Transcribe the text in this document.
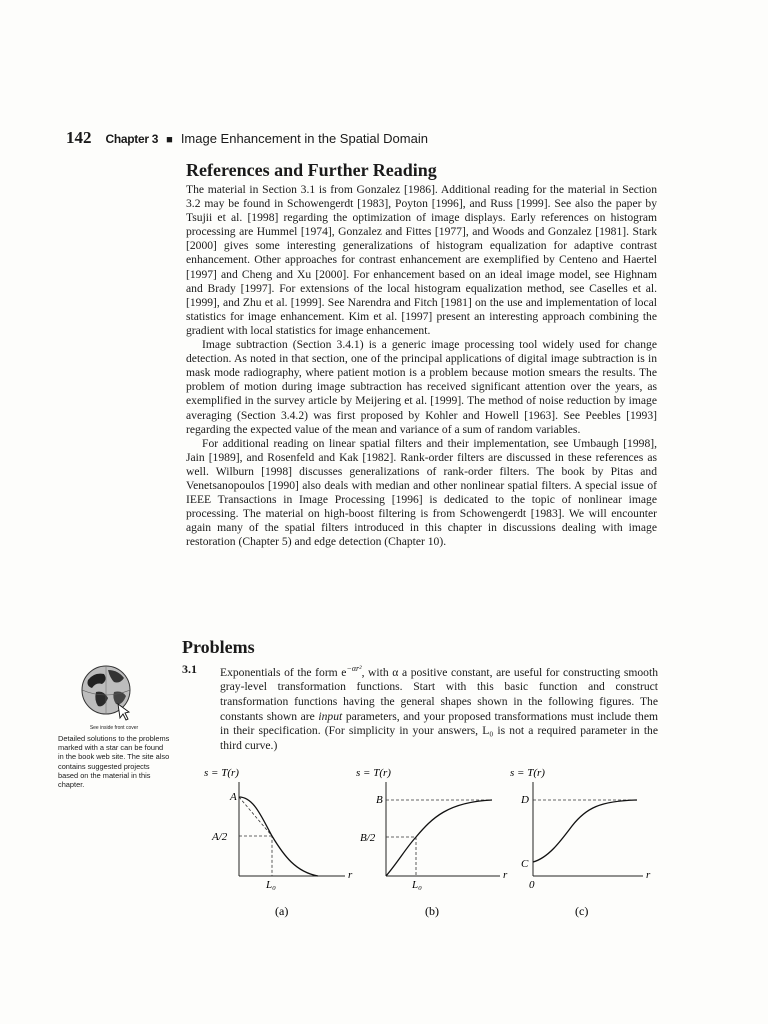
142 Chapter 3 ■ Image Enhancement in the Spatial Domain
References and Further Reading

The material in Section 3.1 is from Gonzalez [1986]. Additional reading for the material in Section 3.2 may be found in Schowengerdt [1983], Poyton [1996], and Russ [1999]. See also the paper by Tsujii et al. [1998] regarding the optimization of image displays. Early references on histogram processing are Hummel [1974], Gonzalez and Fittes [1977], and Woods and Gonzalez [1981]. Stark [2000] gives some interesting generalizations of histogram equalization for adaptive contrast enhancement. Other approaches for contrast enhancement are exemplified by Centeno and Haertel [1997] and Cheng and Xu [2000]. For enhancement based on an ideal image model, see Highnam and Brady [1997]. For extensions of the local histogram equalization method, see Caselles et al. [1999], and Zhu et al. [1999]. See Narendra and Fitch [1981] on the use and implementation of local statistics for image enhancement. Kim et al. [1997] present an interesting approach combining the gradient with local statistics for image enhancement.

Image subtraction (Section 3.4.1) is a generic image processing tool widely used for change detection. As noted in that section, one of the principal applications of digital image subtraction is in mask mode radiography, where patient motion is a problem because motion smears the results. The problem of motion during image subtraction has received significant attention over the years, as exemplified in the survey article by Meijering et al. [1999]. The method of noise reduction by image averaging (Section 3.4.2) was first proposed by Kohler and Howell [1963]. See Peebles [1993] regarding the expected value of the mean and variance of a sum of random variables.

For additional reading on linear spatial filters and their implementation, see Umbaugh [1998], Jain [1989], and Rosenfeld and Kak [1982]. Rank-order filters are discussed in these references as well. Wilburn [1998] discusses generalizations of rank-order filters. The book by Pitas and Venetsanopoulos [1990] also deals with median and other nonlinear spatial filters. A special issue of IEEE Transactions in Image Processing [1996] is dedicated to the topic of nonlinear image processing. The material on high-boost filtering is from Schowengerdt [1983]. We will encounter again many of the spatial filters introduced in this chapter in discussions dealing with image restoration (Chapter 5) and edge detection (Chapter 10).

Problems
3.1 Exponentials of the form $e^{-\alpha r^2}$, with α a positive constant, are useful for constructing smooth gray-level transformation functions. Start with this basic function and construct transformation functions having the general shapes shown in the following figures. The constants shown are input parameters, and your proposed transformations must include them in their specification. (For simplicity in your answers, L₀ is not a required parameter in the third curve.)
See inside front cover
Detailed solutions to the problems marked with a star can be found in the book web site. The site also contains suggested projects based on the material in this chapter.
s = T(r)
r
A
A/2
L₀
(a)
s = T(r)
r
B
B/2
L₀
(b)
s = T(r)
r
D
C
0
(c)
